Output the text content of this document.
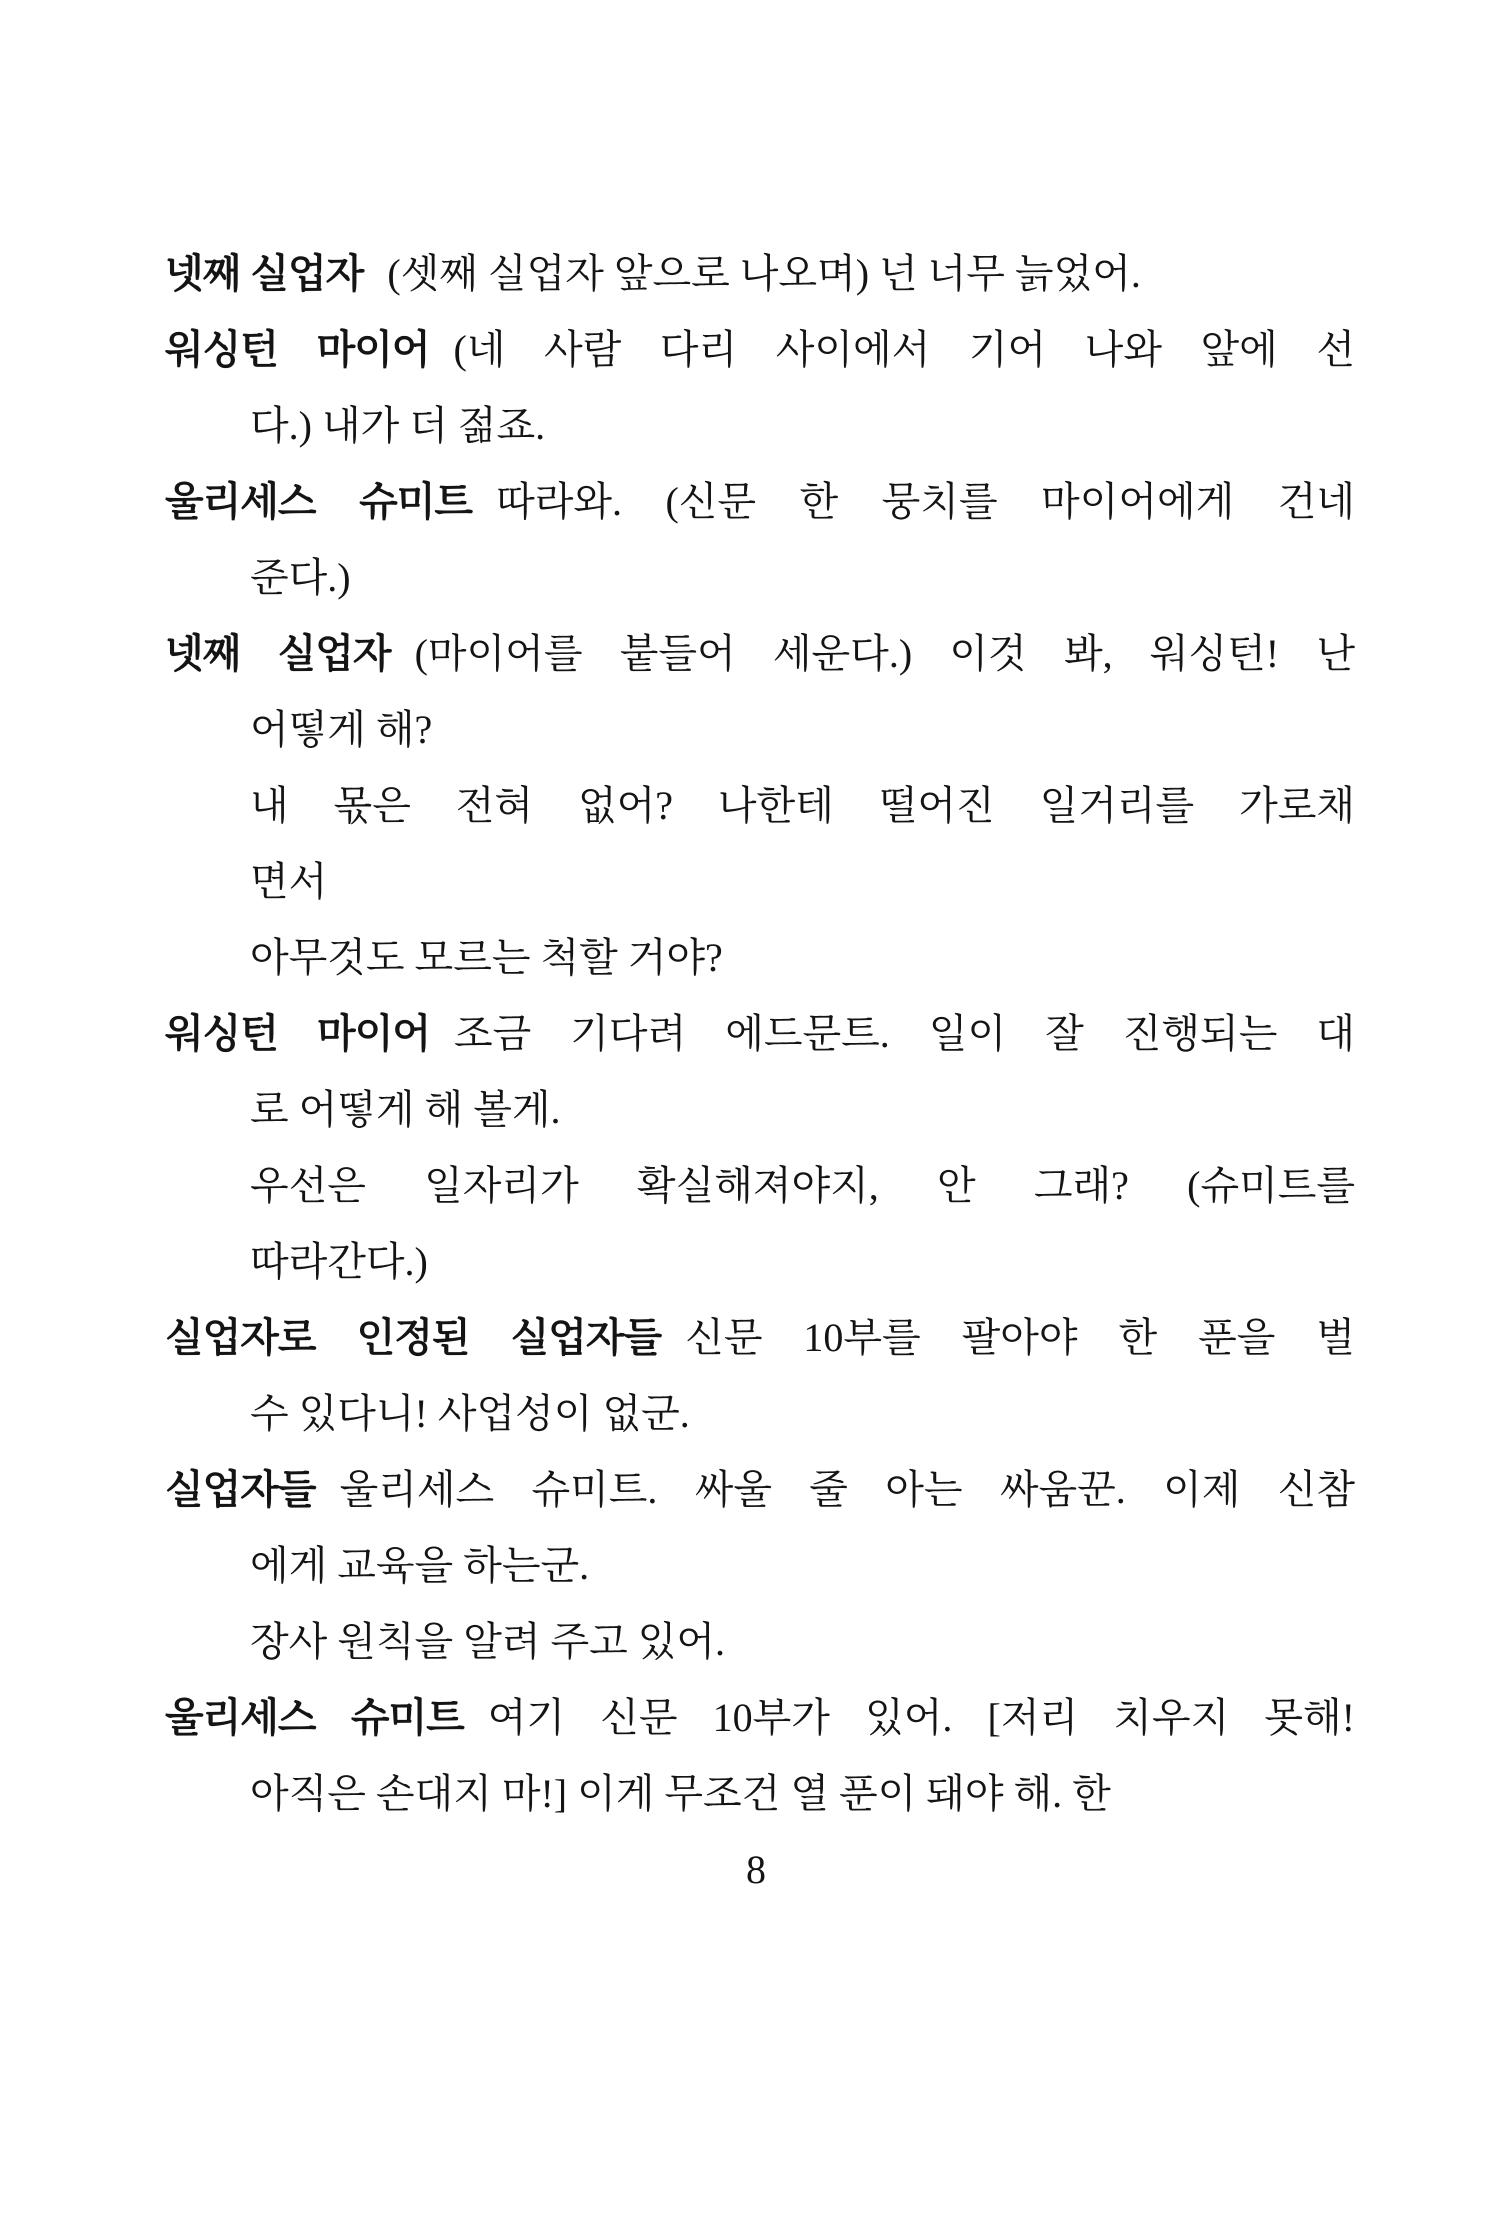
넷째 실업자 (셋째 실업자 앞으로 나오며) 넌 너무 늙었어.
워싱턴 마이어 (네 사람 다리 사이에서 기어 나와 앞에 선
다.) 내가 더 젊죠.
울리세스 슈미트 따라와. (신문 한 뭉치를 마이어에게 건네
준다.)
넷째 실업자 (마이어를 붙들어 세운다.) 이것 봐, 워싱턴! 난
어떻게 해?
내 몫은 전혀 없어? 나한테 떨어진 일거리를 가로채
면서
아무것도 모르는 척할 거야?
워싱턴 마이어 조금 기다려 에드문트. 일이 잘 진행되는 대
로 어떻게 해 볼게.
우선은 일자리가 확실해져야지, 안 그래? (슈미트를
따라간다.)
실업자로 인정된 실업자들 신문 10부를 팔아야 한 푼을 벌
수 있다니! 사업성이 없군.
실업자들 울리세스 슈미트. 싸울 줄 아는 싸움꾼. 이제 신참
에게 교육을 하는군.
장사 원칙을 알려 주고 있어.
울리세스 슈미트 여기 신문 10부가 있어. [저리 치우지 못해!
아직은 손대지 마!] 이게 무조건 열 푼이 돼야 해. 한
8
